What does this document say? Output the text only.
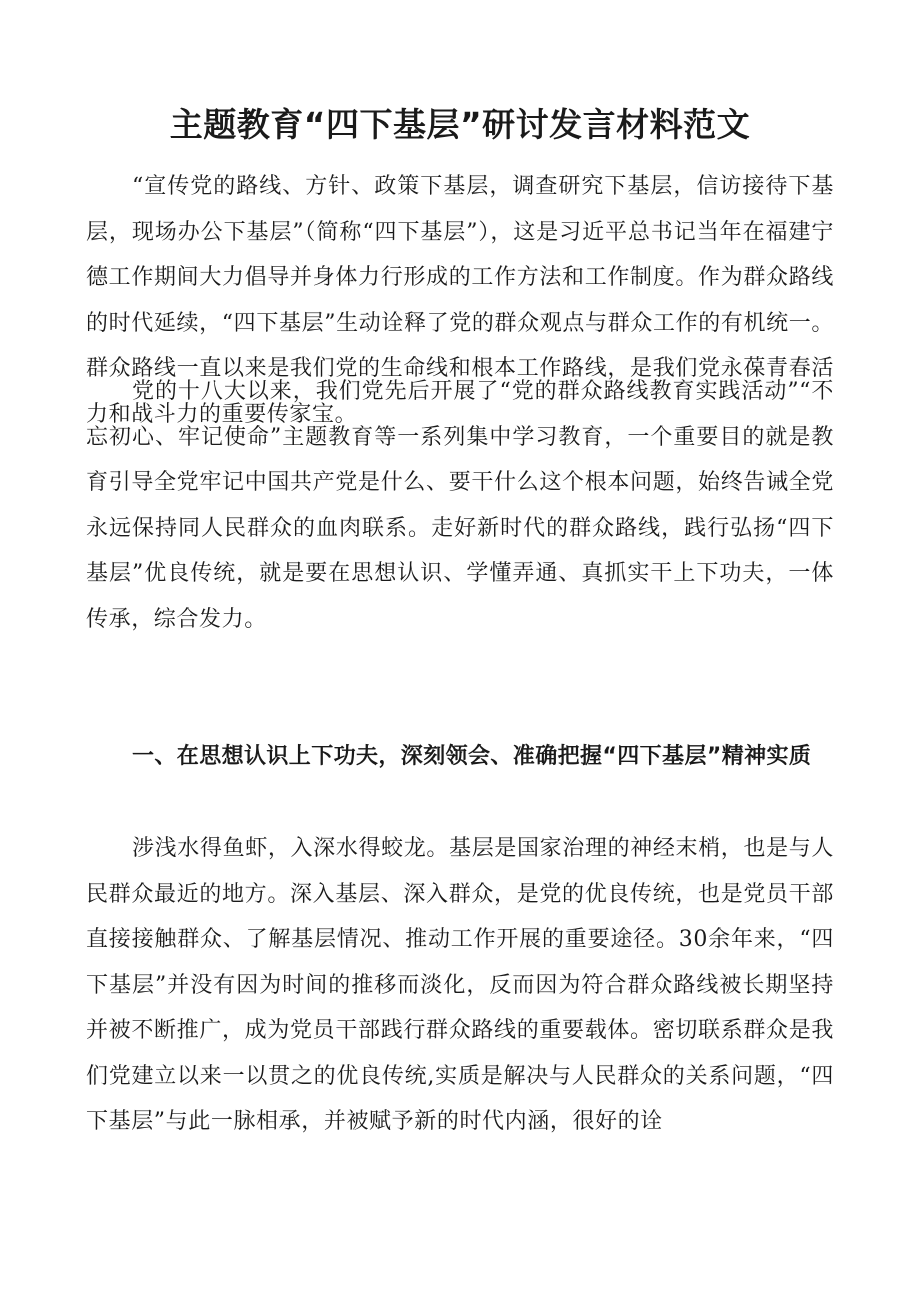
主题教育“四下基层”研讨发言材料范文

“宣传党的路线、方针、政策下基层，调查研究下基层，信访接待下基层，现场办公下基层”（简称“四下基层”），这是习近平总书记当年在福建宁德工作期间大力倡导并身体力行形成的工作方法和工作制度。作为群众路线的时代延续，“四下基层”生动诠释了党的群众观点与群众工作的有机统一。群众路线一直以来是我们党的生命线和根本工作路线，是我们党永葆青春活力和战斗力的重要传家宝。

党的十八大以来，我们党先后开展了“党的群众路线教育实践活动”“不忘初心、牢记使命”主题教育等一系列集中学习教育，一个重要目的就是教育引导全党牢记中国共产党是什么、要干什么这个根本问题，始终告诫全党永远保持同人民群众的血肉联系。走好新时代的群众路线，践行弘扬“四下基层”优良传统，就是要在思想认识、学懂弄通、真抓实干上下功夫，一体传承，综合发力。

一、在思想认识上下功夫，深刻领会、准确把握“四下基层”精神实质

涉浅水得鱼虾，入深水得蛟龙。基层是国家治理的神经末梢，也是与人民群众最近的地方。深入基层、深入群众，是党的优良传统，也是党员干部直接接触群众、了解基层情况、推动工作开展的重要途径。30余年来，“四下基层”并没有因为时间的推移而淡化，反而因为符合群众路线被长期坚持并被不断推广，成为党员干部践行群众路线的重要载体。密切联系群众是我们党建立以来一以贯之的优良传统,实质是解决与人民群众的关系问题，“四下基层”与此一脉相承，并被赋予新的时代内涵，很好的诠
